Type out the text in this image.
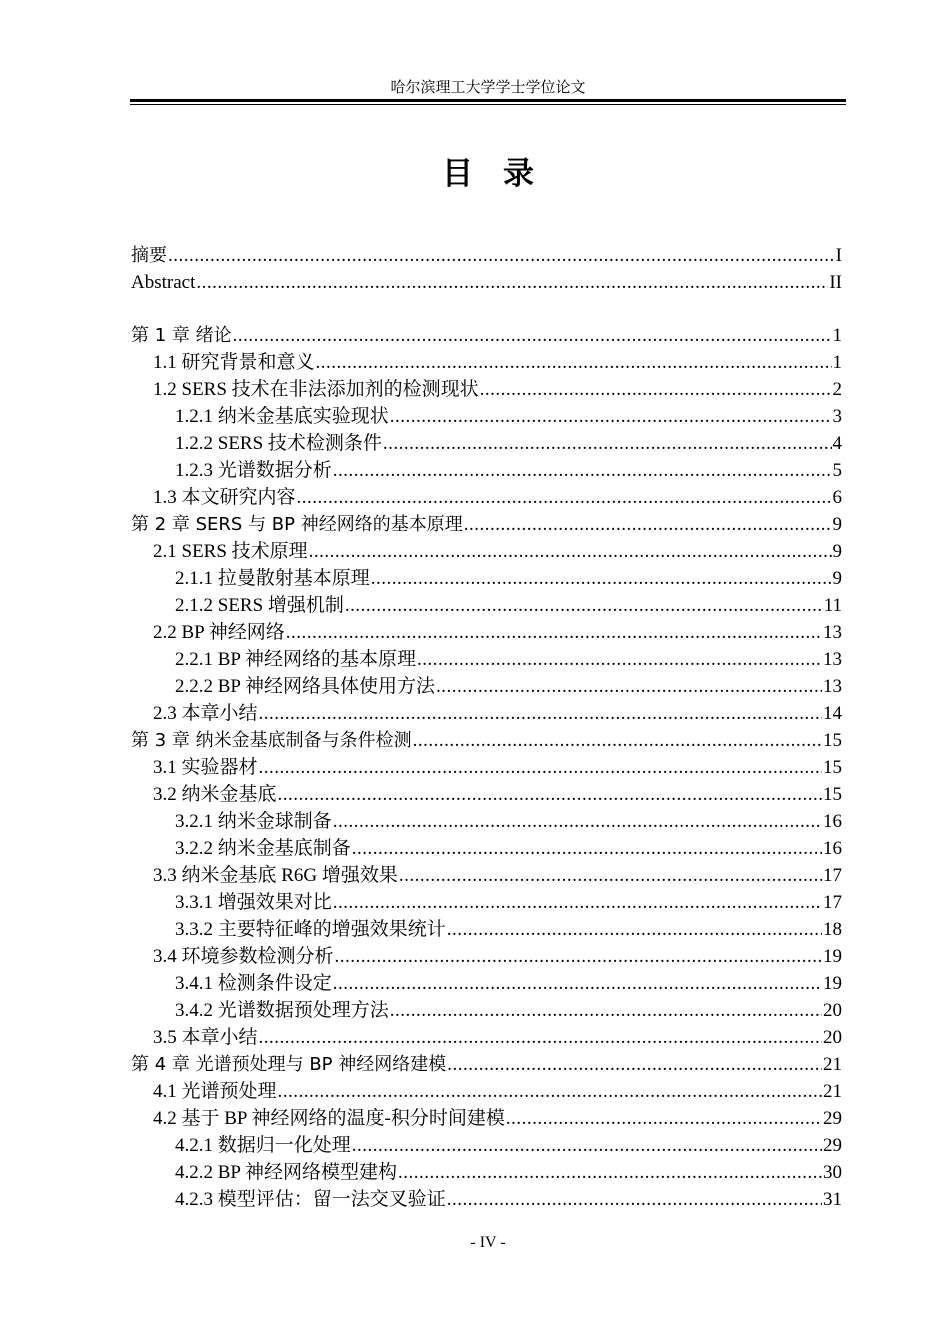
哈尔滨理工大学学士学位论文
目录
摘要 .....	I
Abstract .....	II
第 1 章 绪论 .....	1
1.1 研究背景和意义 .....	1
1.2 SERS 技术在非法添加剂的检测现状 .....	2
1.2.1 纳米金基底实验现状 .....	3
1.2.2 SERS 技术检测条件 .....	4
1.2.3 光谱数据分析 .....	5
1.3 本文研究内容 .....	6
第 2 章 SERS 与 BP 神经网络的基本原理 .....	9
2.1 SERS 技术原理 .....	9
2.1.1 拉曼散射基本原理 .....	9
2.1.2 SERS 增强机制 .....	11
2.2 BP 神经网络 .....	13
2.2.1 BP 神经网络的基本原理 .....	13
2.2.2 BP 神经网络具体使用方法 .....	13
2.3 本章小结 .....	14
第 3 章 纳米金基底制备与条件检测 .....	15
3.1 实验器材 .....	15
3.2 纳米金基底 .....	15
3.2.1 纳米金球制备 .....	16
3.2.2 纳米金基底制备 .....	16
3.3 纳米金基底 R6G 增强效果 .....	17
3.3.1 增强效果对比 .....	17
3.3.2 主要特征峰的增强效果统计 .....	18
3.4 环境参数检测分析 .....	19
3.4.1 检测条件设定 .....	19
3.4.2 光谱数据预处理方法 .....	20
3.5 本章小结 .....	20
第 4 章 光谱预处理与 BP 神经网络建模 .....	21
4.1 光谱预处理 .....	21
4.2 基于 BP 神经网络的温度-积分时间建模 .....	29
4.2.1 数据归一化处理 .....	29
4.2.2 BP 神经网络模型建构 .....	30
4.2.3 模型评估：留一法交叉验证 .....	31
- IV -
